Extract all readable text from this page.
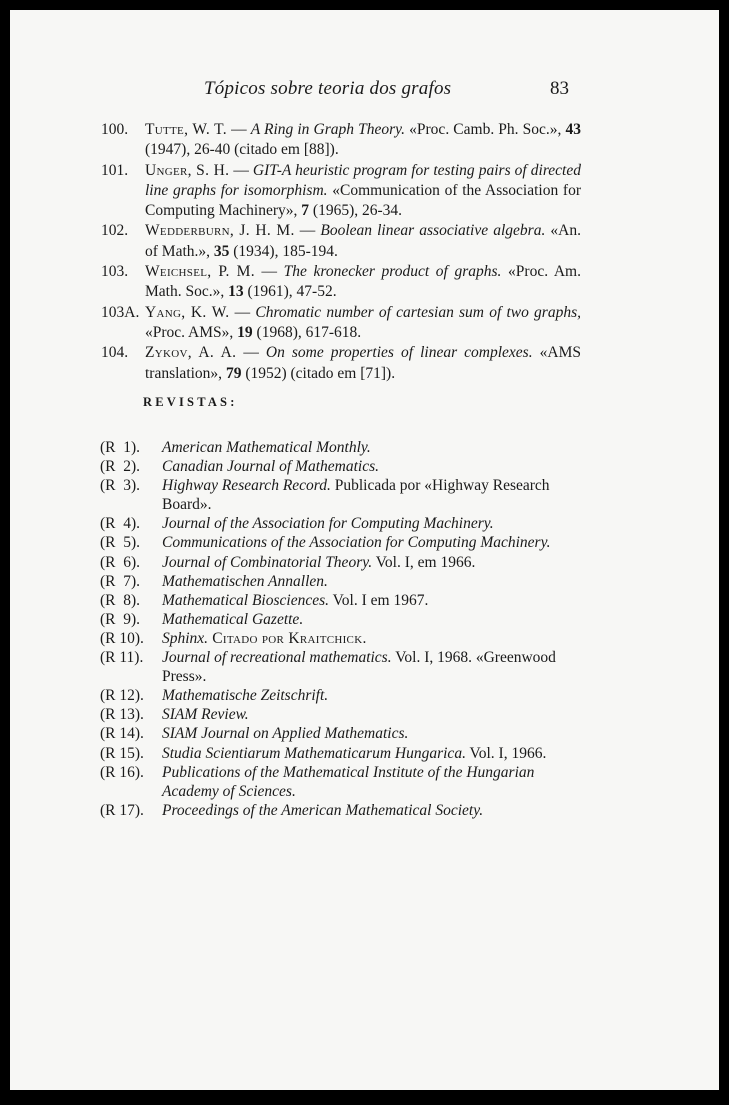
Tópicos sobre teoria dos grafos	83
100. Tutte, W. T. — A Ring in Graph Theory. «Proc. Camb. Ph. Soc.», 43 (1947), 26-40 (citado em [88]).
101. Unger, S. H. — GIT-A heuristic program for testing pairs of directed line graphs for isomorphism. «Communication of the Association for Computing Machinery», 7 (1965), 26-34.
102. Wedderburn, J. H. M. — Boolean linear associative algebra. «An. of Math.», 35 (1934), 185-194.
103. Weichsel, P. M. — The kronecker product of graphs. «Proc. Am. Math. Soc.», 13 (1961), 47-52.
103A. Yang, K. W. — Chromatic number of cartesian sum of two graphs, «Proc. AMS», 19 (1968), 617-618.
104. Zykov, A. A. — On some properties of linear complexes. «AMS translation», 79 (1952) (citado em [71]).
REVISTAS:
(R  1). American Mathematical Monthly.
(R  2). Canadian Journal of Mathematics.
(R  3). Highway Research Record. Publicada por «Highway Research Board».
(R  4). Journal of the Association for Computing Machinery.
(R  5). Communications of the Association for Computing Machinery.
(R  6). Journal of Combinatorial Theory. Vol. I, em 1966.
(R  7). Mathematischen Annallen.
(R  8). Mathematical Biosciences. Vol. I em 1967.
(R  9). Mathematical Gazette.
(R 10). Sphinx. Citado por Kraitchick.
(R 11). Journal of recreational mathematics. Vol. I, 1968. «Greenwood Press».
(R 12). Mathematische Zeitschrift.
(R 13). SIAM Review.
(R 14). SIAM Journal on Applied Mathematics.
(R 15). Studia Scientiarum Mathematicarum Hungarica. Vol. I, 1966.
(R 16). Publications of the Mathematical Institute of the Hungarian Academy of Sciences.
(R 17). Proceedings of the American Mathematical Society.
